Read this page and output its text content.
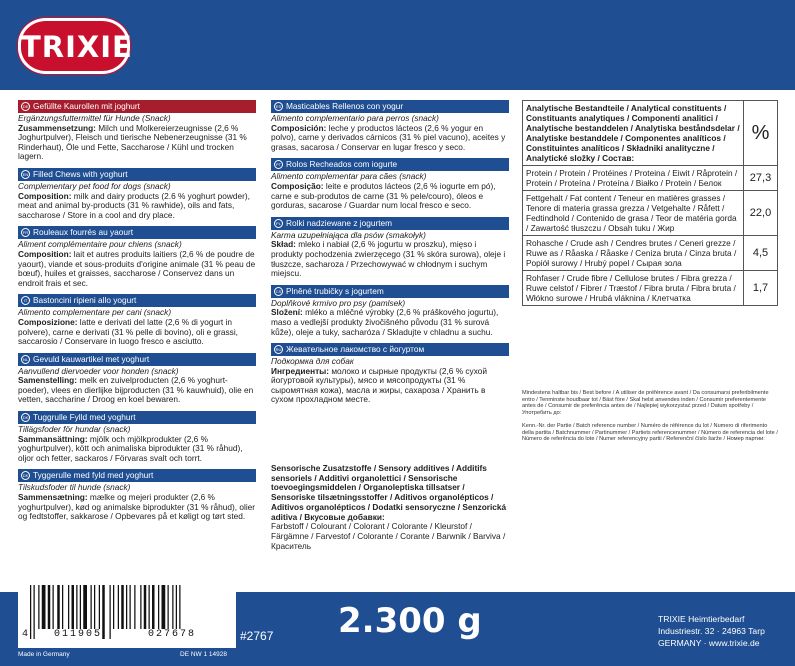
TRIXIE
DE Gefüllte Kaurollen mit joghurt
Ergänzungsfuttermittel für Hunde (Snack)
Zusammensetzung: Milch und Molkereierzeugnisse (2,6 % Joghurtpulver), Fleisch und tierische Nebenerzeugnisse (31 % Rinderhaut), Öle und Fette, Saccharose / Kühl und trocken lagern.
EN Filled Chews with yoghurt
Complementary pet food for dogs (snack)
Composition: milk and dairy products (2.6 % yoghurt powder), meat and animal by-products (31 % rawhide), oils and fats, saccharose / Store in a cool and dry place.
FR Rouleaux fourrés au yaourt
Aliment complémentaire pour chiens (snack)
Composition: lait et autres produits laitiers (2,6 % de poudre de yaourt), viande et sous-produits d'origine animale (31 % peau de bœuf), huiles et graisses, saccharose / Conservez dans un endroit frais et sec.
IT Bastoncini ripieni allo yogurt
Alimento complementare per cani (snack)
Composizione: latte e derivati del latte (2,6 % di yogurt in polvere), carne e derivati (31 % pelle di bovino), oli e grassi, saccarosio / Conservare in luogo fresco e asciutto.
NL Gevuld kauwartikel met yoghurt
Aanvullend diervoeder voor honden (snack)
Samenstelling: melk en zuivelproducten (2,6 % yoghurt-poeder), vlees en dierlijke bijproducten (31 % kauwhuid), olie en vetten, saccharine / Droog en koel bewaren.
DK Tuggrulle Fylld med yoghurt
Tillägsfoder för hundar (snack)
Sammansättning: mjölk och mjölkprodukter (2,6 % yoghurtpulver), kött och animaliska biprodukter (31 % råhud), oljor och fetter, sackaros / Förvaras svalt och torrt.
DK Tyggerulle med fyld med yoghurt
Tilskudsfoder til hunde (snack)
Sammensætning: mælke og mejeri produkter (2,6 % yoghurtpulver), kød og animalske biprodukter (31 % råhud), olier og fedtstoffer, sakkarose / Opbevares på et køligt og tørt sted.
ES Masticables Rellenos con yogur
Alimento complementario para perros (snack)
Composición: leche y productos lácteos (2,6 % yogur en polvo), carne y derivados cárnicos (31 % piel vacuno), aceites y grasas, sacarosa / Conservar en lugar fresco y seco.
PT Rolos Recheados com iogurte
Alimento complementar para cães (snack)
Composição: leite e produtos lácteos (2,6 % iogurte em pó), carne e sub-produtos de carne (31 % pele/couro), óleos e gorduras, sacarose / Guardar num local fresco e seco.
PL Rolki nadziewane z jogurtem
Karma uzupełniająca dla psów (smakołyk)
Skład: mleko i nabiał (2,6 % jogurtu w proszku), mięso i produkty pochodzenia zwierzęcego (31 % skóra surowa), oleje i tłuszcze, sacharoza / Przechowywać w chłodnym i suchym miejscu.
CS Plněné trubičky s jogurtem
Doplňkové krmivo pro psy (pamlsek)
Složení: mléko a mléčné výrobky (2,6 % práškového jogurtu), maso a vedlejší produkty živočišného původu (31 % surová kůže), oleje a tuky, sacharóza / Skladujte v chladnu a suchu.
RU Жевательное лакомство с йогуртом
Подкормка для собак
Ингредиенты: молоко и сырные продукты (2,6 % сухой йогуртовой культуры), мясо и мясопродукты (31 % сыромятная кожа), масла и жиры, сахароза / Хранить в сухом прохладном месте.
Sensorische Zusatzstoffe / Sensory additives / Additifs sensoriels / Additivi organolettici / Sensorische toevoegingsmiddelen / Organoleptiska tillsatser / Sensoriske tilsætningsstoffer / Aditivos organolépticos / Aditivos organolépticos / Dodatki sensoryczne / Senzorická aditiva / Вкусовые добавки:
Farbstoff / Colourant / Colorant / Colorante / Kleurstof / Färgämne / Farvestof / Colorante / Corante / Barwnik / Barviva / Краситель
Analytische Bestandteile / Analytical constituents / Constituants analytiques / Componenti analitici / Analytische bestanddelen / Analytiska beståndsdelar / Analytiske bestanddele / Componentes analíticos / Constituintes analíticos / Składniki analityczne / Analytické složky / Состав:	%
Protein / Protein / Protéines / Proteina / Eiwit / Råprotein / Protein / Proteína / Proteína / Białko / Protein / Белок	27,3
Fettgehalt / Fat content / Teneur en matières grasses / Tenore di materia grassa grezza / Vetgehalte / Råfett / Fedtindhold / Contenido de grasa / Teor de matéria gorda / Zawartość tłuszczu / Obsah tuku / Жир	22,0
Rohasche / Crude ash / Cendres brutes / Ceneri grezze / Ruwe as / Råaska / Råaske / Ceniza bruta / Cinza bruta / Popiół surowy / Hrubý popel / Сырая зола	4,5
Rohfaser / Crude fibre / Cellulose brutes / Fibra grezza / Ruwe celstof / Fibrer / Træstof / Fibra bruta / Fibra bruta / Włókno surowe / Hrubá vláknina / Клетчатка	1,7
Mindestens haltbar bis / Best before / A utiliser de préférence avant / Da consumarsi preferibilmente entro / Tenminste houdbaar tot / Bäst före / Skal helst anvendes inden / Consumir preferentemente antes de / Consumir de preferência antes de / Najlepiej wykorzystać przed / Datum spotřeby / Употребить до:
Kenn.-Nr. der Partie / Batch reference number / Numéro de référence du lot / Numero di riferimento della partita / Batchnummer / Partinummer / Partiets referencenummer / Número de referencia del lote / Número de referência do lote / Numer referencyjny partii / Referenční číslo šarže / Номер партии:
4	011905	027678
Made in Germany	DE NW 1 14928
#2767 2.300 g	TRIXIE Heimtierbedarf
Industriestr. 32 · 24963 Tarp
GERMANY · www.trixie.de
